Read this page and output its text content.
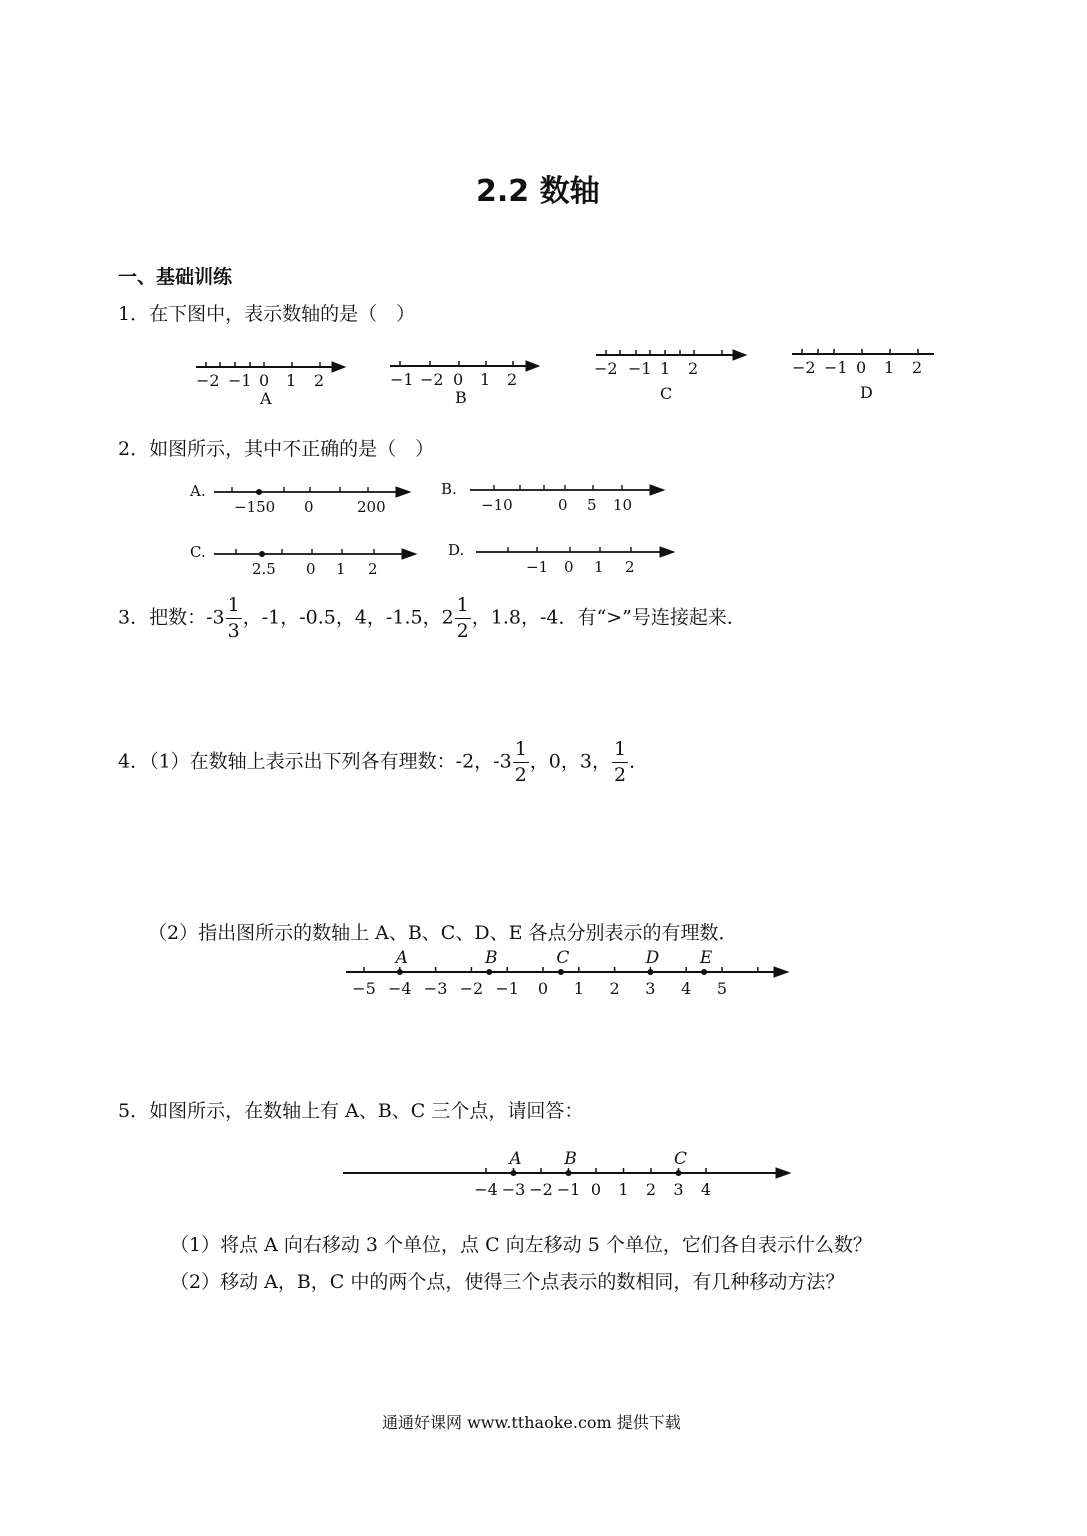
2.2 数轴
一、基础训练
1．在下图中，表示数轴的是（　）
−2 −1 0 1 2
A
−1 −2 0 1 2
B
−2 −1 1 2
C
−2 −1 0 1 2
D
A.
−150 0	200
B.
−10	0 5 10
C.
2.5 0 1 2
D.
−1 0 1 2
−5 −4 −3 −2 −1 0 1 2 3 4 5
A	B	C	D E
−4 −3 −2 −1 0 1 2 3 4
A	B	C
2．如图所示，其中不正确的是（　）
3．把数：$-3 \frac{1}{3}$ ，-1，-0.5，4，-1.5，$2 \frac{1}{2}$ ，1.8，-4．有“>”号连接起来．
4．（1）在数轴上表示出下列各有理数：-2，$-3 \frac{1}{2}$ ，0，3， $\frac{1}{2}$ ．
（2）指出图所示的数轴上 A、B、C、D、E 各点分别表示的有理数．
5．如图所示，在数轴上有 A、B、C 三个点，请回答：
（1）将点 A 向右移动 3 个单位，点 C 向左移动 5 个单位，它们各自表示什么数？
（2）移动 A，B，C 中的两个点，使得三个点表示的数相同，有几种移动方法？
通通好课网 www.tthaoke.com 提供下载
